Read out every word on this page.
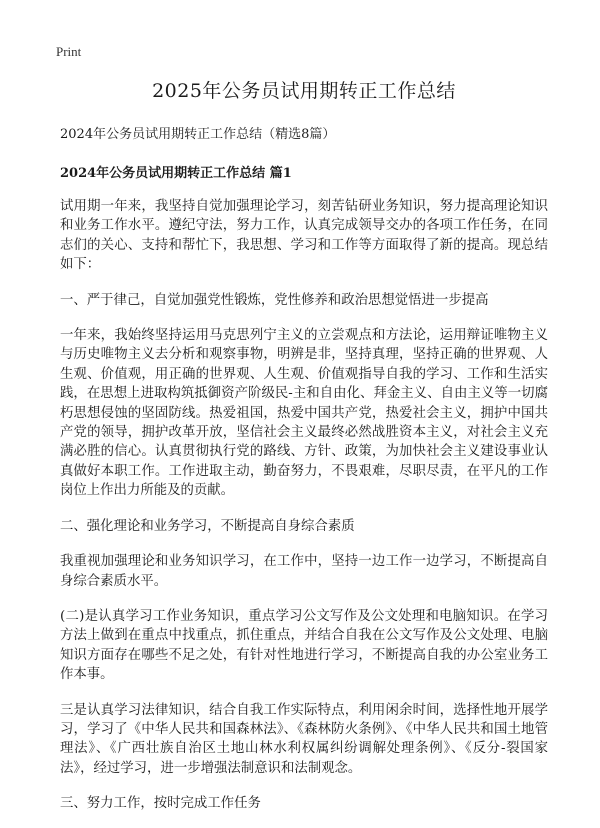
Print
2025年公务员试用期转正工作总结
2024年公务员试用期转正工作总结（精选8篇）
2024年公务员试用期转正工作总结 篇1
试用期一年来，我坚持自觉加强理论学习，刻苦钻研业务知识，努力提高理论知识和业务工作水平。遵纪守法，努力工作，认真完成领导交办的各项工作任务，在同志们的关心、支持和帮忙下，我思想、学习和工作等方面取得了新的提高。现总结如下：
一、严于律己，自觉加强党性锻炼，党性修养和政治思想觉悟进一步提高
一年来，我始终坚持运用马克思列宁主义的立尝观点和方法论，运用辩证唯物主义与历史唯物主义去分析和观察事物，明辨是非，坚持真理，坚持正确的世界观、人生观、价值观，用正确的世界观、人生观、价值观指导自我的学习、工作和生活实践，在思想上进取构筑抵御资产阶级民-主和自由化、拜金主义、自由主义等一切腐朽思想侵蚀的坚固防线。热爱祖国，热爱中国共产党，热爱社会主义，拥护中国共产党的领导，拥护改革开放，坚信社会主义最终必然战胜资本主义，对社会主义充满必胜的信心。认真贯彻执行党的路线、方针、政策，为加快社会主义建设事业认真做好本职工作。工作进取主动，勤奋努力，不畏艰难，尽职尽责，在平凡的工作岗位上作出力所能及的贡献。
二、强化理论和业务学习，不断提高自身综合素质
我重视加强理论和业务知识学习，在工作中，坚持一边工作一边学习，不断提高自身综合素质水平。
(二)是认真学习工作业务知识，重点学习公文写作及公文处理和电脑知识。在学习方法上做到在重点中找重点，抓住重点，并结合自我在公文写作及公文处理、电脑知识方面存在哪些不足之处，有针对性地进行学习，不断提高自我的办公室业务工作本事。
三是认真学习法律知识，结合自我工作实际特点，利用闲余时间，选择性地开展学习，学习了《中华人民共和国森林法》、《森林防火条例》、《中华人民共和国土地管理法》、《广西壮族自治区土地山林水利权属纠纷调解处理条例》、《反分-裂国家法》，经过学习，进一步增强法制意识和法制观念。
三、努力工作，按时完成工作任务
